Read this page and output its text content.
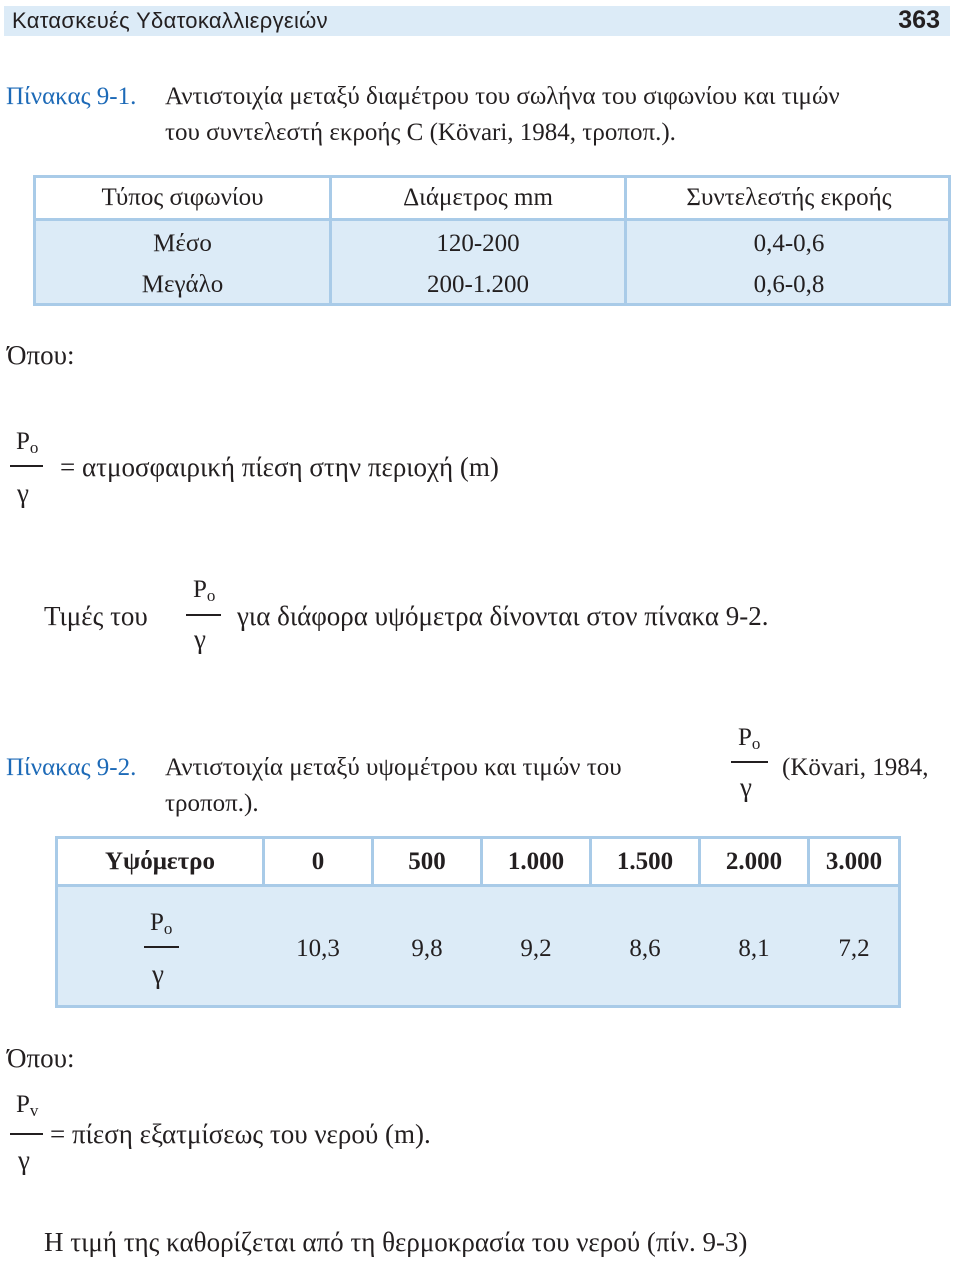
Κατασκευές Υδατοκαλλιεργειών	363
Πίνακας 9-1. Αντιστοιχία μεταξύ διαμέτρου του σωλήνα του σιφωνίου και τιμών
του συντελεστή εκροής C (Kövari, 1984, τροποπ.).
Τύπος σιφωνίου	Διάμετρος mm	Συντελεστής εκροής
Μέσο	120-200	0,4-0,6
Μεγάλο	200-1.200	0,6-0,8
Όπου:
Po
γ
= ατμοσφαιρική πίεση στην περιοχή (m)
Τιμές του
Po
γ
για διάφορα υψόμετρα δίνονται στον πίνακα 9-2.
Πίνακας 9-2. Αντιστοιχία μεταξύ υψομέτρου και τιμών του
Po
γ
(Kövari, 1984,
τροποπ.).
Υψόμετρο	0	500	1.000	1.500	2.000	3.000
Po
γ
10,3	9,8	9,2	8,6	8,1	7,2
Όπου:
Pv
γ
= πίεση εξατμίσεως του νερού (m).
Η τιμή της καθορίζεται από τη θερμοκρασία του νερού (πίν. 9-3)
